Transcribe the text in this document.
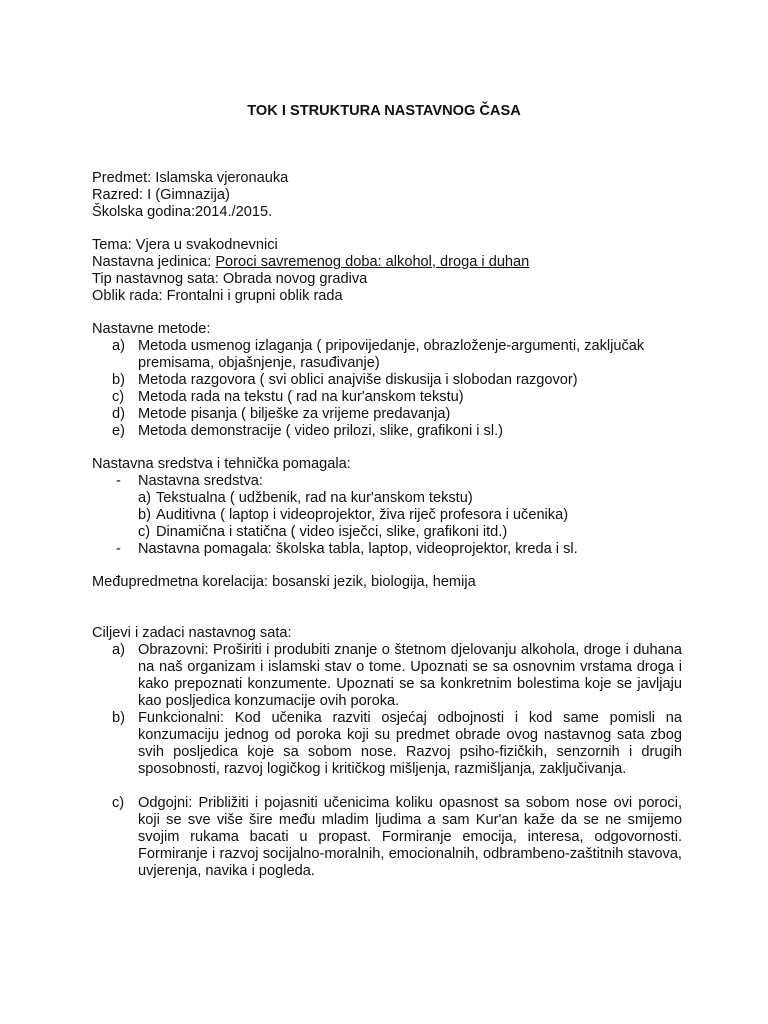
TOK I STRUKTURA NASTAVNOG ČASA
Predmet: Islamska vjeronauka
Razred: I (Gimnazija)
Školska godina:2014./2015.
Tema: Vjera u svakodnevnici
Nastavna jedinica: Poroci savremenog doba: alkohol, droga i duhan
Tip nastavnog sata: Obrada novog gradiva
Oblik rada: Frontalni i grupni oblik rada
Nastavne metode:
a) Metoda usmenog izlaganja ( pripovijedanje, obrazloženje-argumenti, zaključak premisama, objašnjenje, rasuđivanje)
b) Metoda razgovora ( svi oblici anajviše diskusija i slobodan razgovor)
c) Metoda rada na tekstu ( rad na kur'anskom tekstu)
d) Metode pisanja ( bilješke za vrijeme predavanja)
e) Metoda demonstracije ( video prilozi, slike, grafikoni i sl.)
Nastavna sredstva i tehnička pomagala:
- Nastavna sredstva:
a) Tekstualna ( udžbenik, rad na kur'anskom tekstu)
b) Auditivna ( laptop i videoprojektor, živa riječ profesora i učenika)
c) Dinamična i statična ( video isječci, slike, grafikoni itd.)
- Nastavna pomagala: školska tabla, laptop, videoprojektor, kreda i sl.
Međupredmetna korelacija: bosanski jezik, biologija, hemija
Ciljevi i zadaci nastavnog sata:
a) Obrazovni: Proširiti i produbiti znanje o štetnom djelovanju alkohola, droge i duhana na naš organizam i islamski stav o tome. Upoznati se sa osnovnim vrstama droga i kako prepoznati konzumente. Upoznati se sa konkretnim bolestima koje se javljaju kao posljedica konzumacije ovih poroka.
b) Funkcionalni: Kod učenika razviti osjećaj odbojnosti i kod same pomisli na konzumaciju jednog od poroka koji su predmet obrade ovog nastavnog sata zbog svih posljedica koje sa sobom nose. Razvoj psiho-fizičkih, senzornih i drugih sposobnosti, razvoj logičkog i kritičkog mišljenja, razmišljanja, zaključivanja.
c) Odgojni: Približiti i pojasniti učenicima koliku opasnost sa sobom nose ovi poroci, koji se sve više šire među mladim ljudima a sam Kur'an kaže da se ne smijemo svojim rukama bacati u propast. Formiranje emocija, interesa, odgovornosti. Formiranje i razvoj socijalno-moralnih, emocionalnih, odbrambeno-zaštitnih stavova, uvjerenja, navika i pogleda.
